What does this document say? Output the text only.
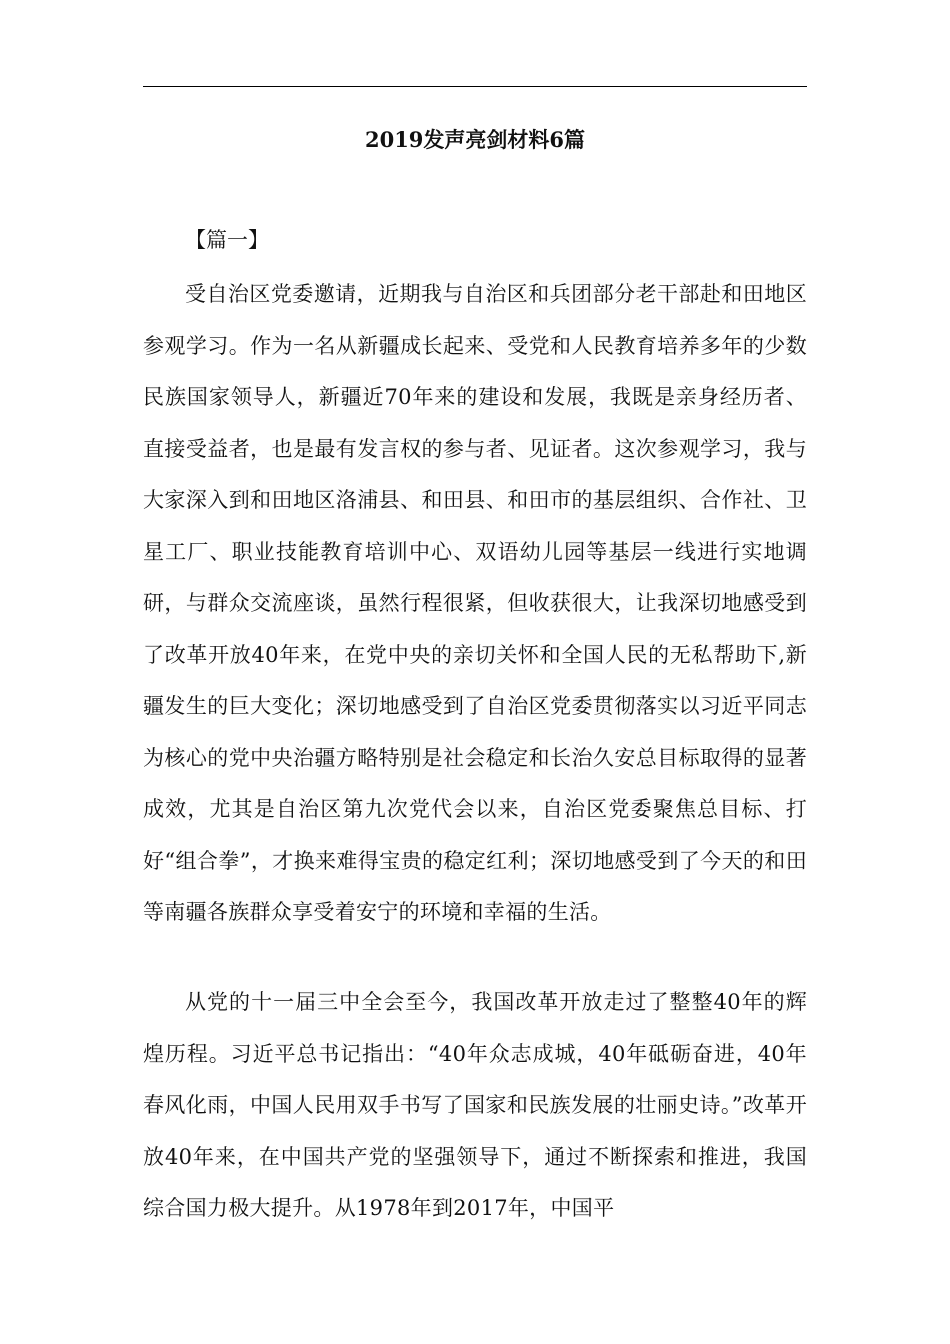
2019发声亮剑材料6篇

【篇一】

受自治区党委邀请，近期我与自治区和兵团部分老干部赴和田地区参观学习。作为一名从新疆成长起来、受党和人民教育培养多年的少数民族国家领导人，新疆近70年来的建设和发展，我既是亲身经历者、直接受益者，也是最有发言权的参与者、见证者。这次参观学习，我与大家深入到和田地区洛浦县、和田县、和田市的基层组织、合作社、卫星工厂、职业技能教育培训中心、双语幼儿园等基层一线进行实地调研，与群众交流座谈，虽然行程很紧，但收获很大，让我深切地感受到了改革开放40年来，在党中央的亲切关怀和全国人民的无私帮助下,新疆发生的巨大变化；深切地感受到了自治区党委贯彻落实以习近平同志为核心的党中央治疆方略特别是社会稳定和长治久安总目标取得的显著成效，尤其是自治区第九次党代会以来，自治区党委聚焦总目标、打好“组合拳”，才换来难得宝贵的稳定红利；深切地感受到了今天的和田等南疆各族群众享受着安宁的环境和幸福的生活。

从党的十一届三中全会至今，我国改革开放走过了整整40年的辉煌历程。习近平总书记指出：“40年众志成城，40年砥砺奋进，40年春风化雨，中国人民用双手书写了国家和民族发展的壮丽史诗。”改革开放40年来，在中国共产党的坚强领导下，通过不断探索和推进，我国综合国力极大提升。从1978年到2017年，中国平
